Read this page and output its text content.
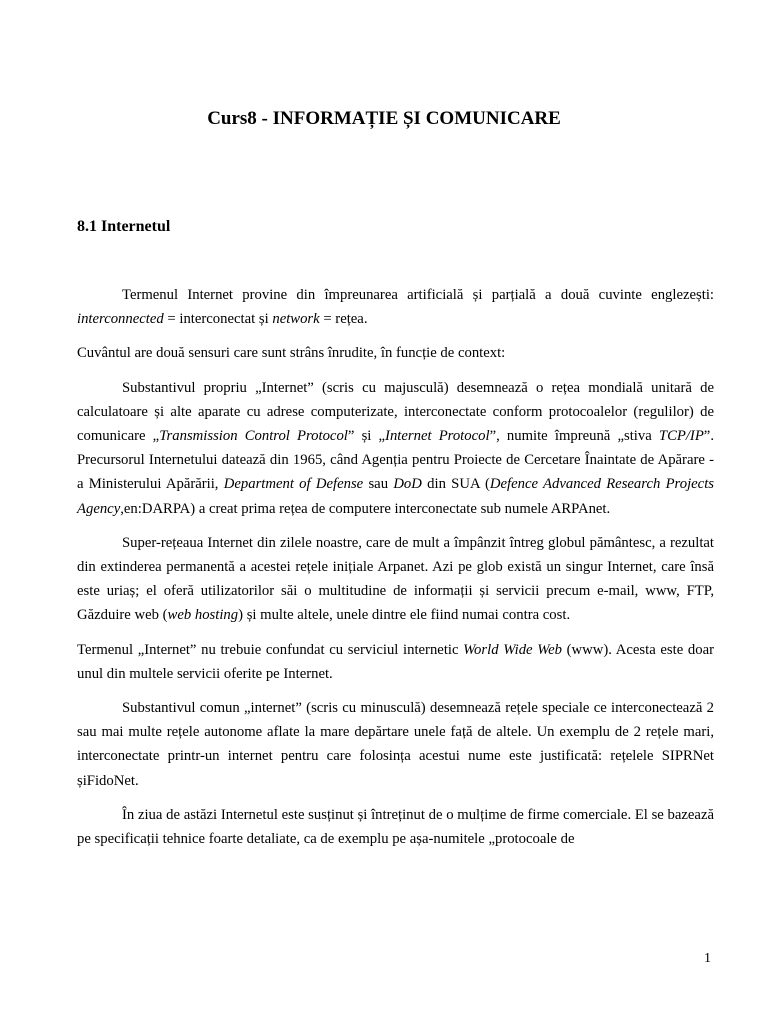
Curs8 - INFORMAȚIE ȘI COMUNICARE
8.1 Internetul

Termenul Internet provine din împreunarea artificială și parțială a două cuvinte englezești: interconnected = interconectat și network = rețea.

Cuvântul are două sensuri care sunt strâns înrudite, în funcție de context:

Substantivul propriu „Internet” (scris cu majusculă) desemnează o rețea mondială unitară de calculatoare și alte aparate cu adrese computerizate, interconectate conform protocoalelor (regulilor) de comunicare „Transmission Control Protocol” și „Internet Protocol”, numite împreună „stiva TCP/IP”. Precursorul Internetului datează din 1965, când Agenția pentru Proiecte de Cercetare Înaintate de Apărare - a Ministerului Apărării, Department of Defense sau DoD din SUA (Defence Advanced Research Projects Agency,en:DARPA) a creat prima rețea de computere interconectate sub numele ARPAnet.

Super-rețeaua Internet din zilele noastre, care de mult a împânzit întreg globul pământesc, a rezultat din extinderea permanentă a acestei rețele inițiale Arpanet. Azi pe glob există un singur Internet, care însă este uriaș; el oferă utilizatorilor săi o multitudine de informații și servicii precum e-mail, www, FTP, Găzduire web (web hosting) și multe altele, unele dintre ele fiind numai contra cost.

Termenul „Internet” nu trebuie confundat cu serviciul internetic World Wide Web (www). Acesta este doar unul din multele servicii oferite pe Internet.

Substantivul comun „internet” (scris cu minusculă) desemnează rețele speciale ce interconectează 2 sau mai multe rețele autonome aflate la mare depărtare unele față de altele. Un exemplu de 2 rețele mari, interconectate printr-un internet pentru care folosința acestui nume este justificată: rețelele SIPRNet șiFidoNet.

În ziua de astăzi Internetul este susținut și întreținut de o mulțime de firme comerciale. El se bazează pe specificații tehnice foarte detaliate, ca de exemplu pe așa-numitele „protocoale de

1
